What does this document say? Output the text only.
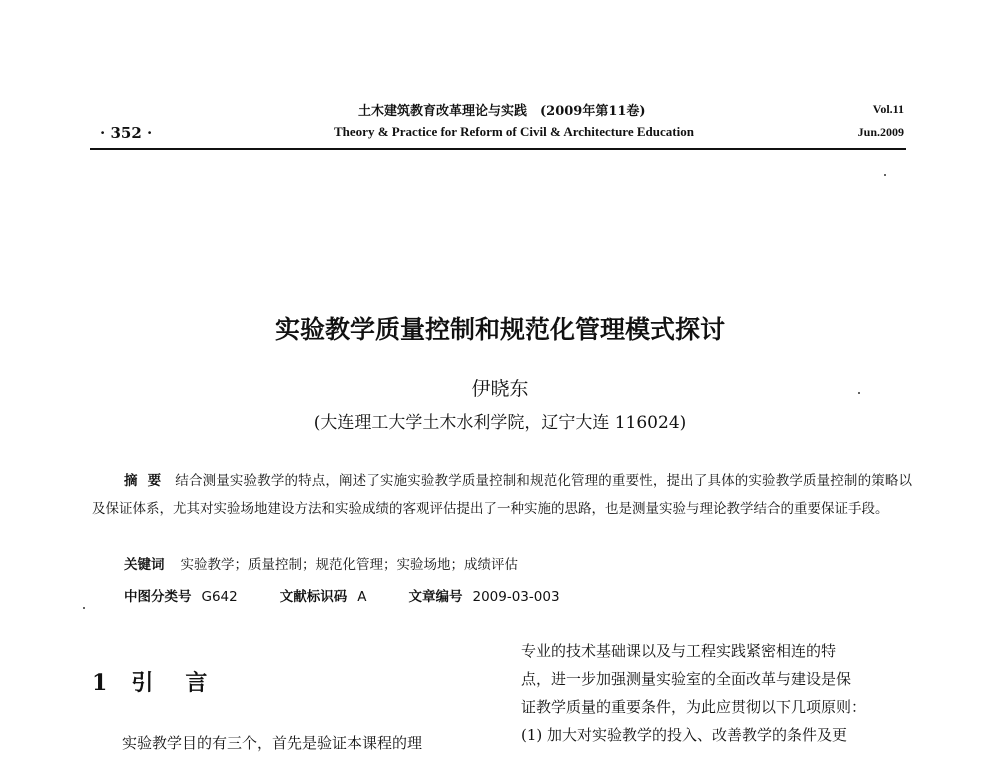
· 352 ·
土木建筑教育改革理论与实践　(2009年第11卷)
Theory & Practice for Reform of Civil & Architecture Education
Vol.11
Jun.2009
实验教学质量控制和规范化管理模式探讨
伊晓东
(大连理工大学土木水利学院，辽宁大连 116024)
摘要 结合测量实验教学的特点，阐述了实施实验教学质量控制和规范化管理的重要性，提出了具体的实验教学质量控制的策略以及保证体系，尤其对实验场地建设方法和实验成绩的客观评估提出了一种实施的思路，也是测量实验与理论教学结合的重要保证手段。
关键词 实验教学；质量控制；规范化管理；实验场地；成绩评估
中图分类号 G642	文献标识码 A	文章编号 2009-03-003
1 引 言
实验教学目的有三个，首先是验证本课程的理

专业的技术基础课以及与工程实践紧密相连的特

点，进一步加强测量实验室的全面改革与建设是保

证教学质量的重要条件，为此应贯彻以下几项原则：

(1) 加大对实验教学的投入、改善教学的条件及更
